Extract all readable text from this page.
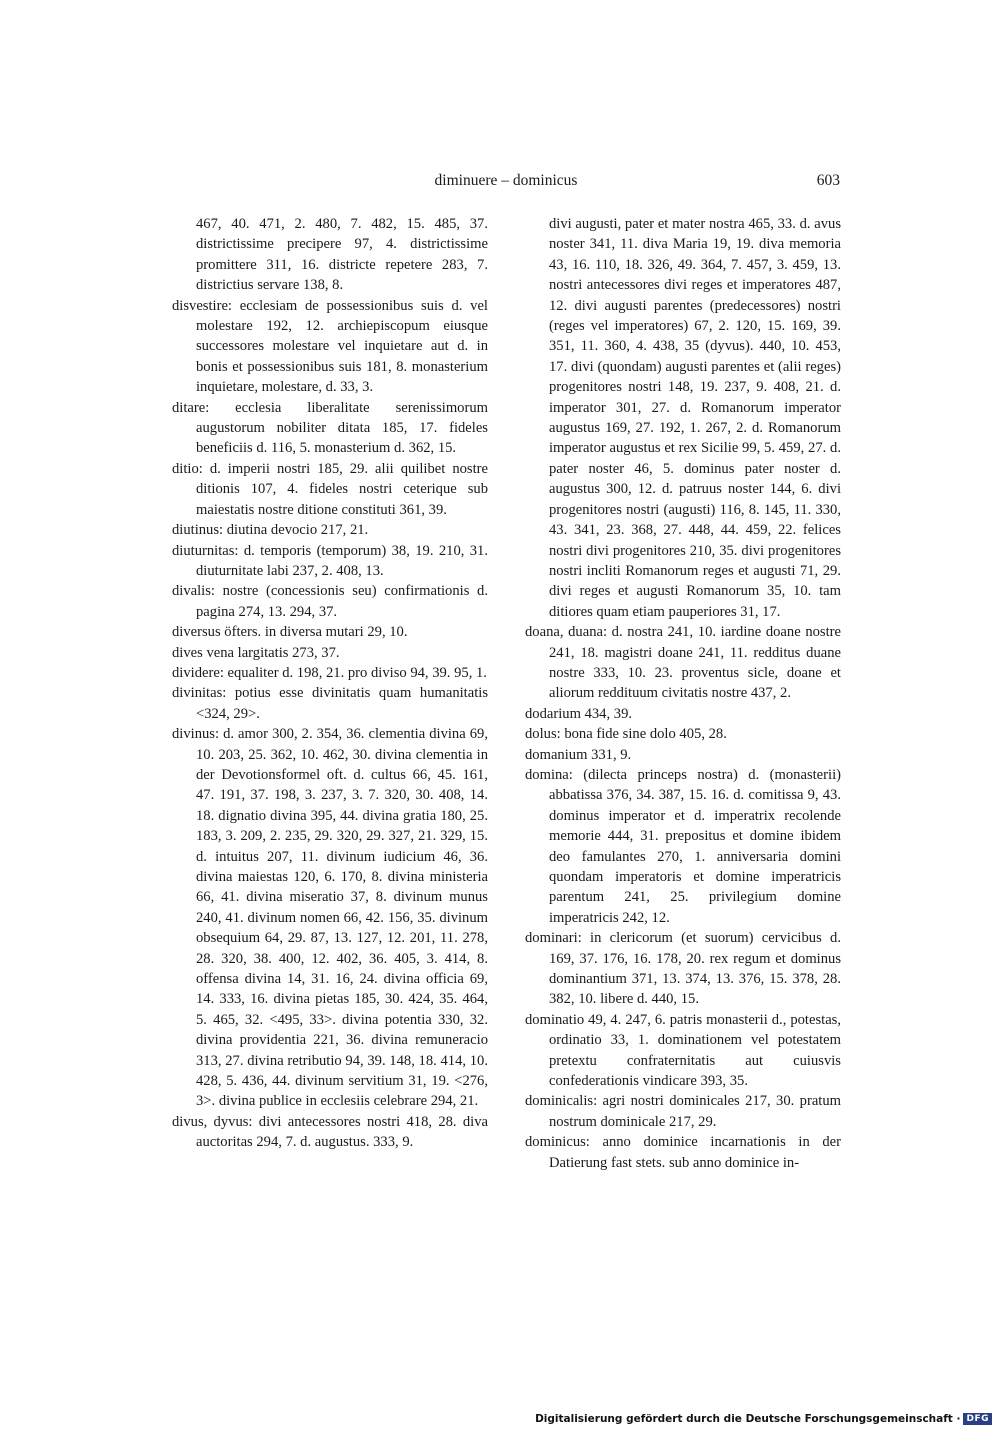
diminuere – dominicus	603

467, 40. 471, 2. 480, 7. 482, 15. 485, 37. districtissime precipere 97, 4. districtissime promittere 311, 16. districte repetere 283, 7. districtius servare 138, 8.

disvestire: ecclesiam de possessionibus suis d. vel molestare 192, 12. archiepiscopum eiusque successores molestare vel inquietare aut d. in bonis et possessionibus suis 181, 8. monasterium inquietare, molestare, d. 33, 3.

ditare: ecclesia liberalitate serenissimorum augustorum nobiliter ditata 185, 17. fideles beneficiis d. 116, 5. monasterium d. 362, 15.

ditio: d. imperii nostri 185, 29. alii quilibet nostre ditionis 107, 4. fideles nostri ceterique sub maiestatis nostre ditione constituti 361, 39.

diutinus: diutina devocio 217, 21.

diuturnitas: d. temporis (temporum) 38, 19. 210, 31. diuturnitate labi 237, 2. 408, 13.

divalis: nostre (concessionis seu) confirmationis d. pagina 274, 13. 294, 37.

diversus öfters. in diversa mutari 29, 10.

dives vena largitatis 273, 37.

dividere: equaliter d. 198, 21. pro diviso 94, 39. 95, 1.

divinitas: potius esse divinitatis quam humanitatis <324, 29>.

divinus: d. amor 300, 2. 354, 36. clementia divina 69, 10. 203, 25. 362, 10. 462, 30. divina clementia in der Devotionsformel oft. d. cultus 66, 45. 161, 47. 191, 37. 198, 3. 237, 3. 7. 320, 30. 408, 14. 18. dignatio divina 395, 44. divina gratia 180, 25. 183, 3. 209, 2. 235, 29. 320, 29. 327, 21. 329, 15. d. intuitus 207, 11. divinum iudicium 46, 36. divina maiestas 120, 6. 170, 8. divina ministeria 66, 41. divina miseratio 37, 8. divinum munus 240, 41. divinum nomen 66, 42. 156, 35. divinum obsequium 64, 29. 87, 13. 127, 12. 201, 11. 278, 28. 320, 38. 400, 12. 402, 36. 405, 3. 414, 8. offensa divina 14, 31. 16, 24. divina officia 69, 14. 333, 16. divina pietas 185, 30. 424, 35. 464, 5. 465, 32. <495, 33>. divina potentia 330, 32. divina providentia 221, 36. divina remuneracio 313, 27. divina retributio 94, 39. 148, 18. 414, 10. 428, 5. 436, 44. divinum servitium 31, 19. <276, 3>. divina publice in ecclesiis celebrare 294, 21.

divus, dyvus: divi antecessores nostri 418, 28. diva auctoritas 294, 7. d. augustus. 333, 9.

divi augusti, pater et mater nostra 465, 33. d. avus noster 341, 11. diva Maria 19, 19. diva memoria 43, 16. 110, 18. 326, 49. 364, 7. 457, 3. 459, 13. nostri antecessores divi reges et imperatores 487, 12. divi augusti parentes (predecessores) nostri (reges vel imperatores) 67, 2. 120, 15. 169, 39. 351, 11. 360, 4. 438, 35 (dyvus). 440, 10. 453, 17. divi (quondam) augusti parentes et (alii reges) progenitores nostri 148, 19. 237, 9. 408, 21. d. imperator 301, 27. d. Romanorum imperator augustus 169, 27. 192, 1. 267, 2. d. Romanorum imperator augustus et rex Sicilie 99, 5. 459, 27. d. pater noster 46, 5. dominus pater noster d. augustus 300, 12. d. patruus noster 144, 6. divi progenitores nostri (augusti) 116, 8. 145, 11. 330, 43. 341, 23. 368, 27. 448, 44. 459, 22. felices nostri divi progenitores 210, 35. divi progenitores nostri incliti Romanorum reges et augusti 71, 29. divi reges et augusti Romanorum 35, 10. tam ditiores quam etiam pauperiores 31, 17.

doana, duana: d. nostra 241, 10. iardine doane nostre 241, 18. magistri doane 241, 11. redditus duane nostre 333, 10. 23. proventus sicle, doane et aliorum reddituum civitatis nostre 437, 2.

dodarium 434, 39.

dolus: bona fide sine dolo 405, 28.

domanium 331, 9.

domina: (dilecta princeps nostra) d. (monasterii) abbatissa 376, 34. 387, 15. 16. d. comitissa 9, 43. dominus imperator et d. imperatrix recolende memorie 444, 31. prepositus et domine ibidem deo famulantes 270, 1. anniversaria domini quondam imperatoris et domine imperatricis parentum 241, 25. privilegium domine imperatricis 242, 12.

dominari: in clericorum (et suorum) cervicibus d. 169, 37. 176, 16. 178, 20. rex regum et dominus dominantium 371, 13. 374, 13. 376, 15. 378, 28. 382, 10. libere d. 440, 15.

dominatio 49, 4. 247, 6. patris monasterii d., potestas, ordinatio 33, 1. dominationem vel potestatem pretextu confraternitatis aut cuiusvis confederationis vindicare 393, 35.

dominicalis: agri nostri dominicales 217, 30. pratum nostrum dominicale 217, 29.

dominicus: anno dominice incarnationis in der Datierung fast stets. sub anno dominice in-

Digitalisierung gefördert durch die Deutsche Forschungsgemeinschaft · DFG
